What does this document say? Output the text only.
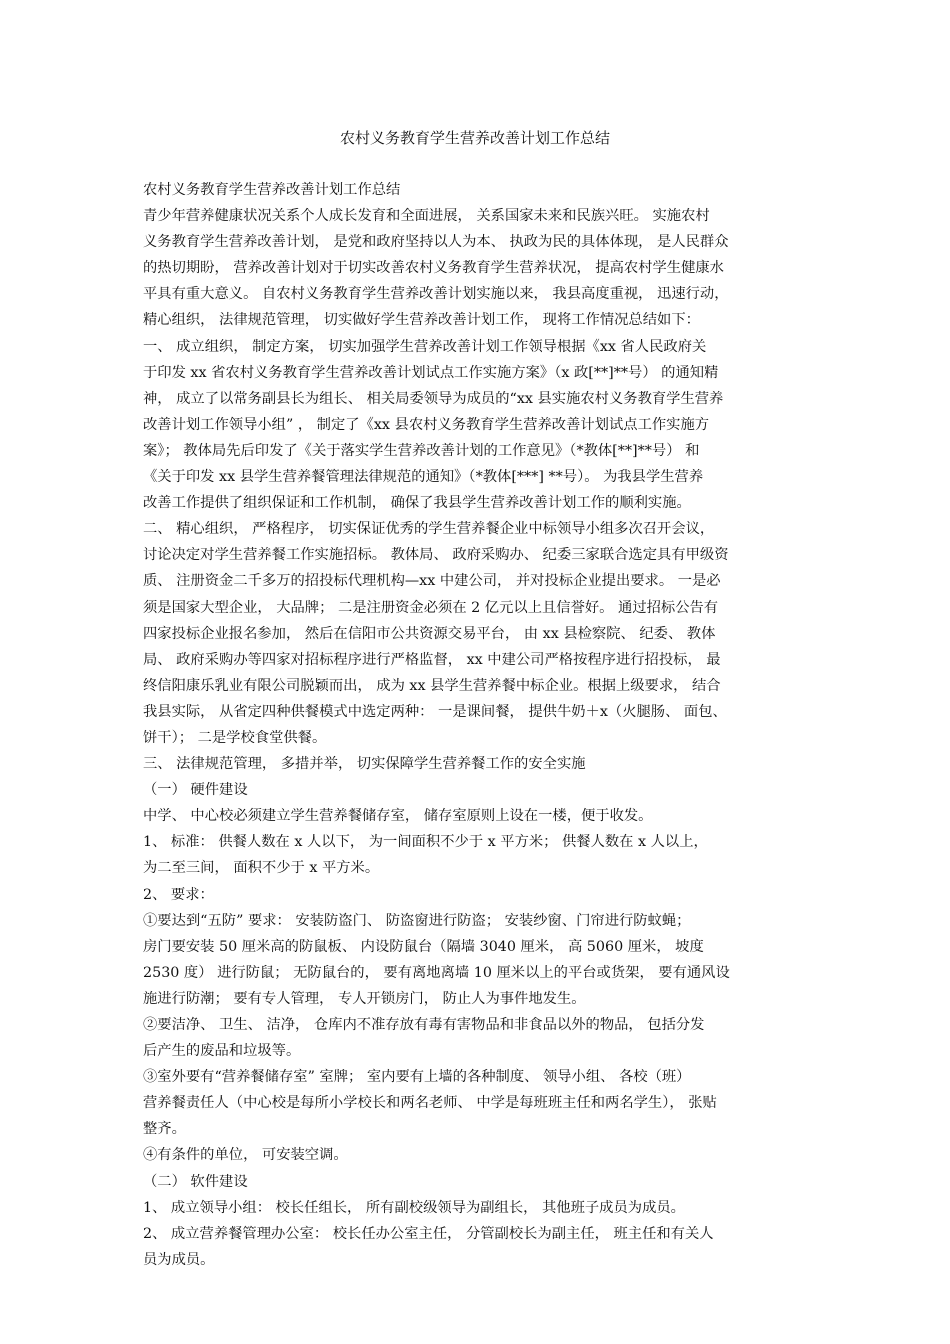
农村义务教育学生营养改善计划工作总结
农村义务教育学生营养改善计划工作总结
青少年营养健康状况关系个人成长发育和全面进展， 关系国家未来和民族兴旺。 实施农村
义务教育学生营养改善计划， 是党和政府坚持以人为本、 执政为民的具体体现， 是人民群众
的热切期盼， 营养改善计划对于切实改善农村义务教育学生营养状况， 提高农村学生健康水
平具有重大意义。 自农村义务教育学生营养改善计划实施以来， 我县高度重视， 迅速行动，
精心组织， 法律规范管理， 切实做好学生营养改善计划工作， 现将工作情况总结如下：
一、 成立组织， 制定方案， 切实加强学生营养改善计划工作领导根据《xx 省人民政府关
于印发 xx 省农村义务教育学生营养改善计划试点工作实施方案》（x 政[**]**号） 的通知精
神， 成立了以常务副县长为组长、 相关局委领导为成员的“xx 县实施农村义务教育学生营养
改善计划工作领导小组” ， 制定了《xx 县农村义务教育学生营养改善计划试点工作实施方
案》； 教体局先后印发了《关于落实学生营养改善计划的工作意见》（*教体[**]**号） 和
《关于印发 xx 县学生营养餐管理法律规范的通知》（*教体[***] **号）。 为我县学生营养
改善工作提供了组织保证和工作机制， 确保了我县学生营养改善计划工作的顺利实施。
二、 精心组织， 严格程序， 切实保证优秀的学生营养餐企业中标领导小组多次召开会议，
讨论决定对学生营养餐工作实施招标。 教体局、 政府采购办、 纪委三家联合选定具有甲级资
质、 注册资金二千多万的招投标代理机构—xx 中建公司， 并对投标企业提出要求。 一是必
须是国家大型企业， 大品牌； 二是注册资金必须在 2 亿元以上且信誉好。 通过招标公告有
四家投标企业报名参加， 然后在信阳市公共资源交易平台， 由 xx 县检察院、 纪委、 教体
局、 政府采购办等四家对招标程序进行严格监督， xx 中建公司严格按程序进行招投标， 最
终信阳康乐乳业有限公司脱颖而出， 成为 xx 县学生营养餐中标企业。根据上级要求， 结合
我县实际， 从省定四种供餐模式中选定两种： 一是课间餐， 提供牛奶＋x（火腿肠、 面包、
饼干）； 二是学校食堂供餐。
三、 法律规范管理， 多措并举， 切实保障学生营养餐工作的安全实施
（一） 硬件建设
中学、 中心校必须建立学生营养餐储存室， 储存室原则上设在一楼，便于收发。
1、 标准： 供餐人数在 x 人以下， 为一间面积不少于 x 平方米； 供餐人数在 x 人以上，
为二至三间， 面积不少于 x 平方米。
2、 要求：
①要达到“五防” 要求： 安装防盗门、 防盗窗进行防盗； 安装纱窗、门帘进行防蚊蝇；
房门要安装 50 厘米高的防鼠板、 内设防鼠台（隔墙 3040 厘米， 高 5060 厘米， 坡度
2530 度） 进行防鼠； 无防鼠台的， 要有离地离墙 10 厘米以上的平台或货架， 要有通风设
施进行防潮； 要有专人管理， 专人开锁房门， 防止人为事件地发生。
②要洁净、 卫生、 洁净， 仓库内不准存放有毒有害物品和非食品以外的物品， 包括分发
后产生的废品和垃圾等。
③室外要有“营养餐储存室” 室牌； 室内要有上墙的各种制度、 领导小组、 各校（班）
营养餐责任人（中心校是每所小学校长和两名老师、 中学是每班班主任和两名学生）， 张贴
整齐。
④有条件的单位， 可安装空调。
（二） 软件建设
1、 成立领导小组： 校长任组长， 所有副校级领导为副组长， 其他班子成员为成员。
2、 成立营养餐管理办公室： 校长任办公室主任， 分管副校长为副主任， 班主任和有关人
员为成员。
